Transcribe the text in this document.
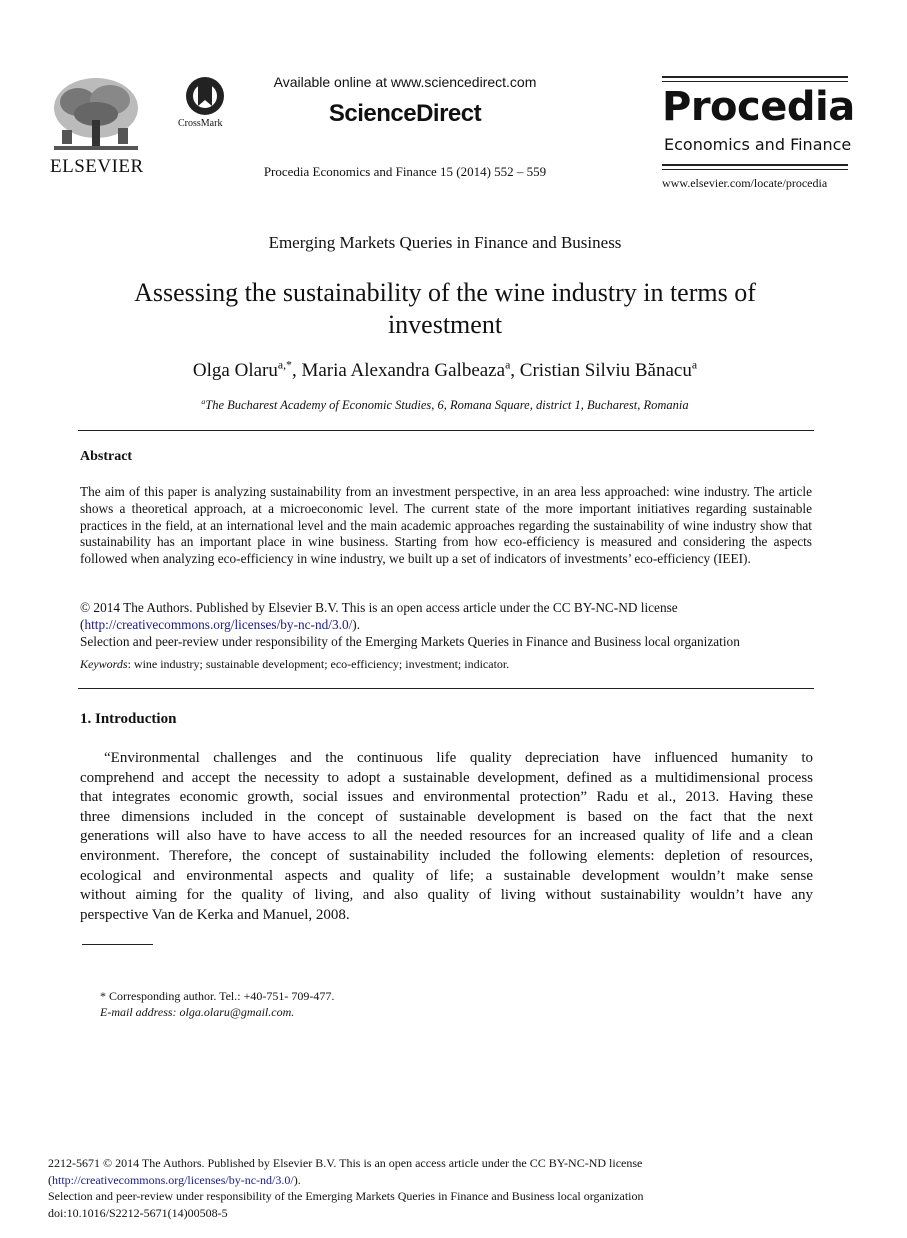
ELSEVIER
CrossMark
Available online at www.sciencedirect.com
ScienceDirect
Procedia Economics and Finance 15 (2014) 552 – 559
Procedia
Economics and Finance
www.elsevier.com/locate/procedia
Emerging Markets Queries in Finance and Business
Assessing the sustainability of the wine industry in terms of
investment
Olga Olaru$^{a,*}$, Maria Alexandra Galbeaza$^a$, Cristian Silviu Bănacu$^a$
$^a$The Bucharest Academy of Economic Studies, 6, Romana Square, district 1, Bucharest, Romania
Abstract
The aim of this paper is analyzing sustainability from an investment perspective, in an area less approached: wine industry. The article shows a theoretical approach, at a microeconomic level. The current state of the more important initiatives regarding sustainable practices in the field, at an international level and the main academic approaches regarding the sustainability of wine industry show that sustainability has an important place in wine business. Starting from how eco-efficiency is measured and considering the aspects followed when analyzing eco-efficiency in wine industry, we built up a set of indicators of investments’ eco-efficiency (IEEI).
© 2014 The Authors. Published by Elsevier B.V. This is an open access article under the CC BY-NC-ND license
(http://creativecommons.org/licenses/by-nc-nd/3.0/).
Selection and peer-review under responsibility of the Emerging Markets Queries in Finance and Business local organization
Keywords: wine industry; sustainable development; eco-efficiency; investment; indicator.
1. Introduction
“Environmental challenges and the continuous life quality depreciation have influenced humanity to
comprehend and accept the necessity to adopt a sustainable development, defined as a multidimensional process
that integrates economic growth, social issues and environmental protection” Radu et al., 2013. Having these
three dimensions included in the concept of sustainable development is based on the fact that the next
generations will also have to have access to all the needed resources for an increased quality of life and a clean
environment. Therefore, the concept of sustainability included the following elements: depletion of resources,
ecological and environmental aspects and quality of life; a sustainable development wouldn’t make sense
without aiming for the quality of living, and also quality of living without sustainability wouldn’t have any
perspective Van de Kerka and Manuel, 2008.
* Corresponding author. Tel.: +40-751- 709-477.
E-mail address: olga.olaru@gmail.com.
2212-5671 © 2014 The Authors. Published by Elsevier B.V. This is an open access article under the CC BY-NC-ND license
(http://creativecommons.org/licenses/by-nc-nd/3.0/).
Selection and peer-review under responsibility of the Emerging Markets Queries in Finance and Business local organization
doi:10.1016/S2212-5671(14)00508-5
